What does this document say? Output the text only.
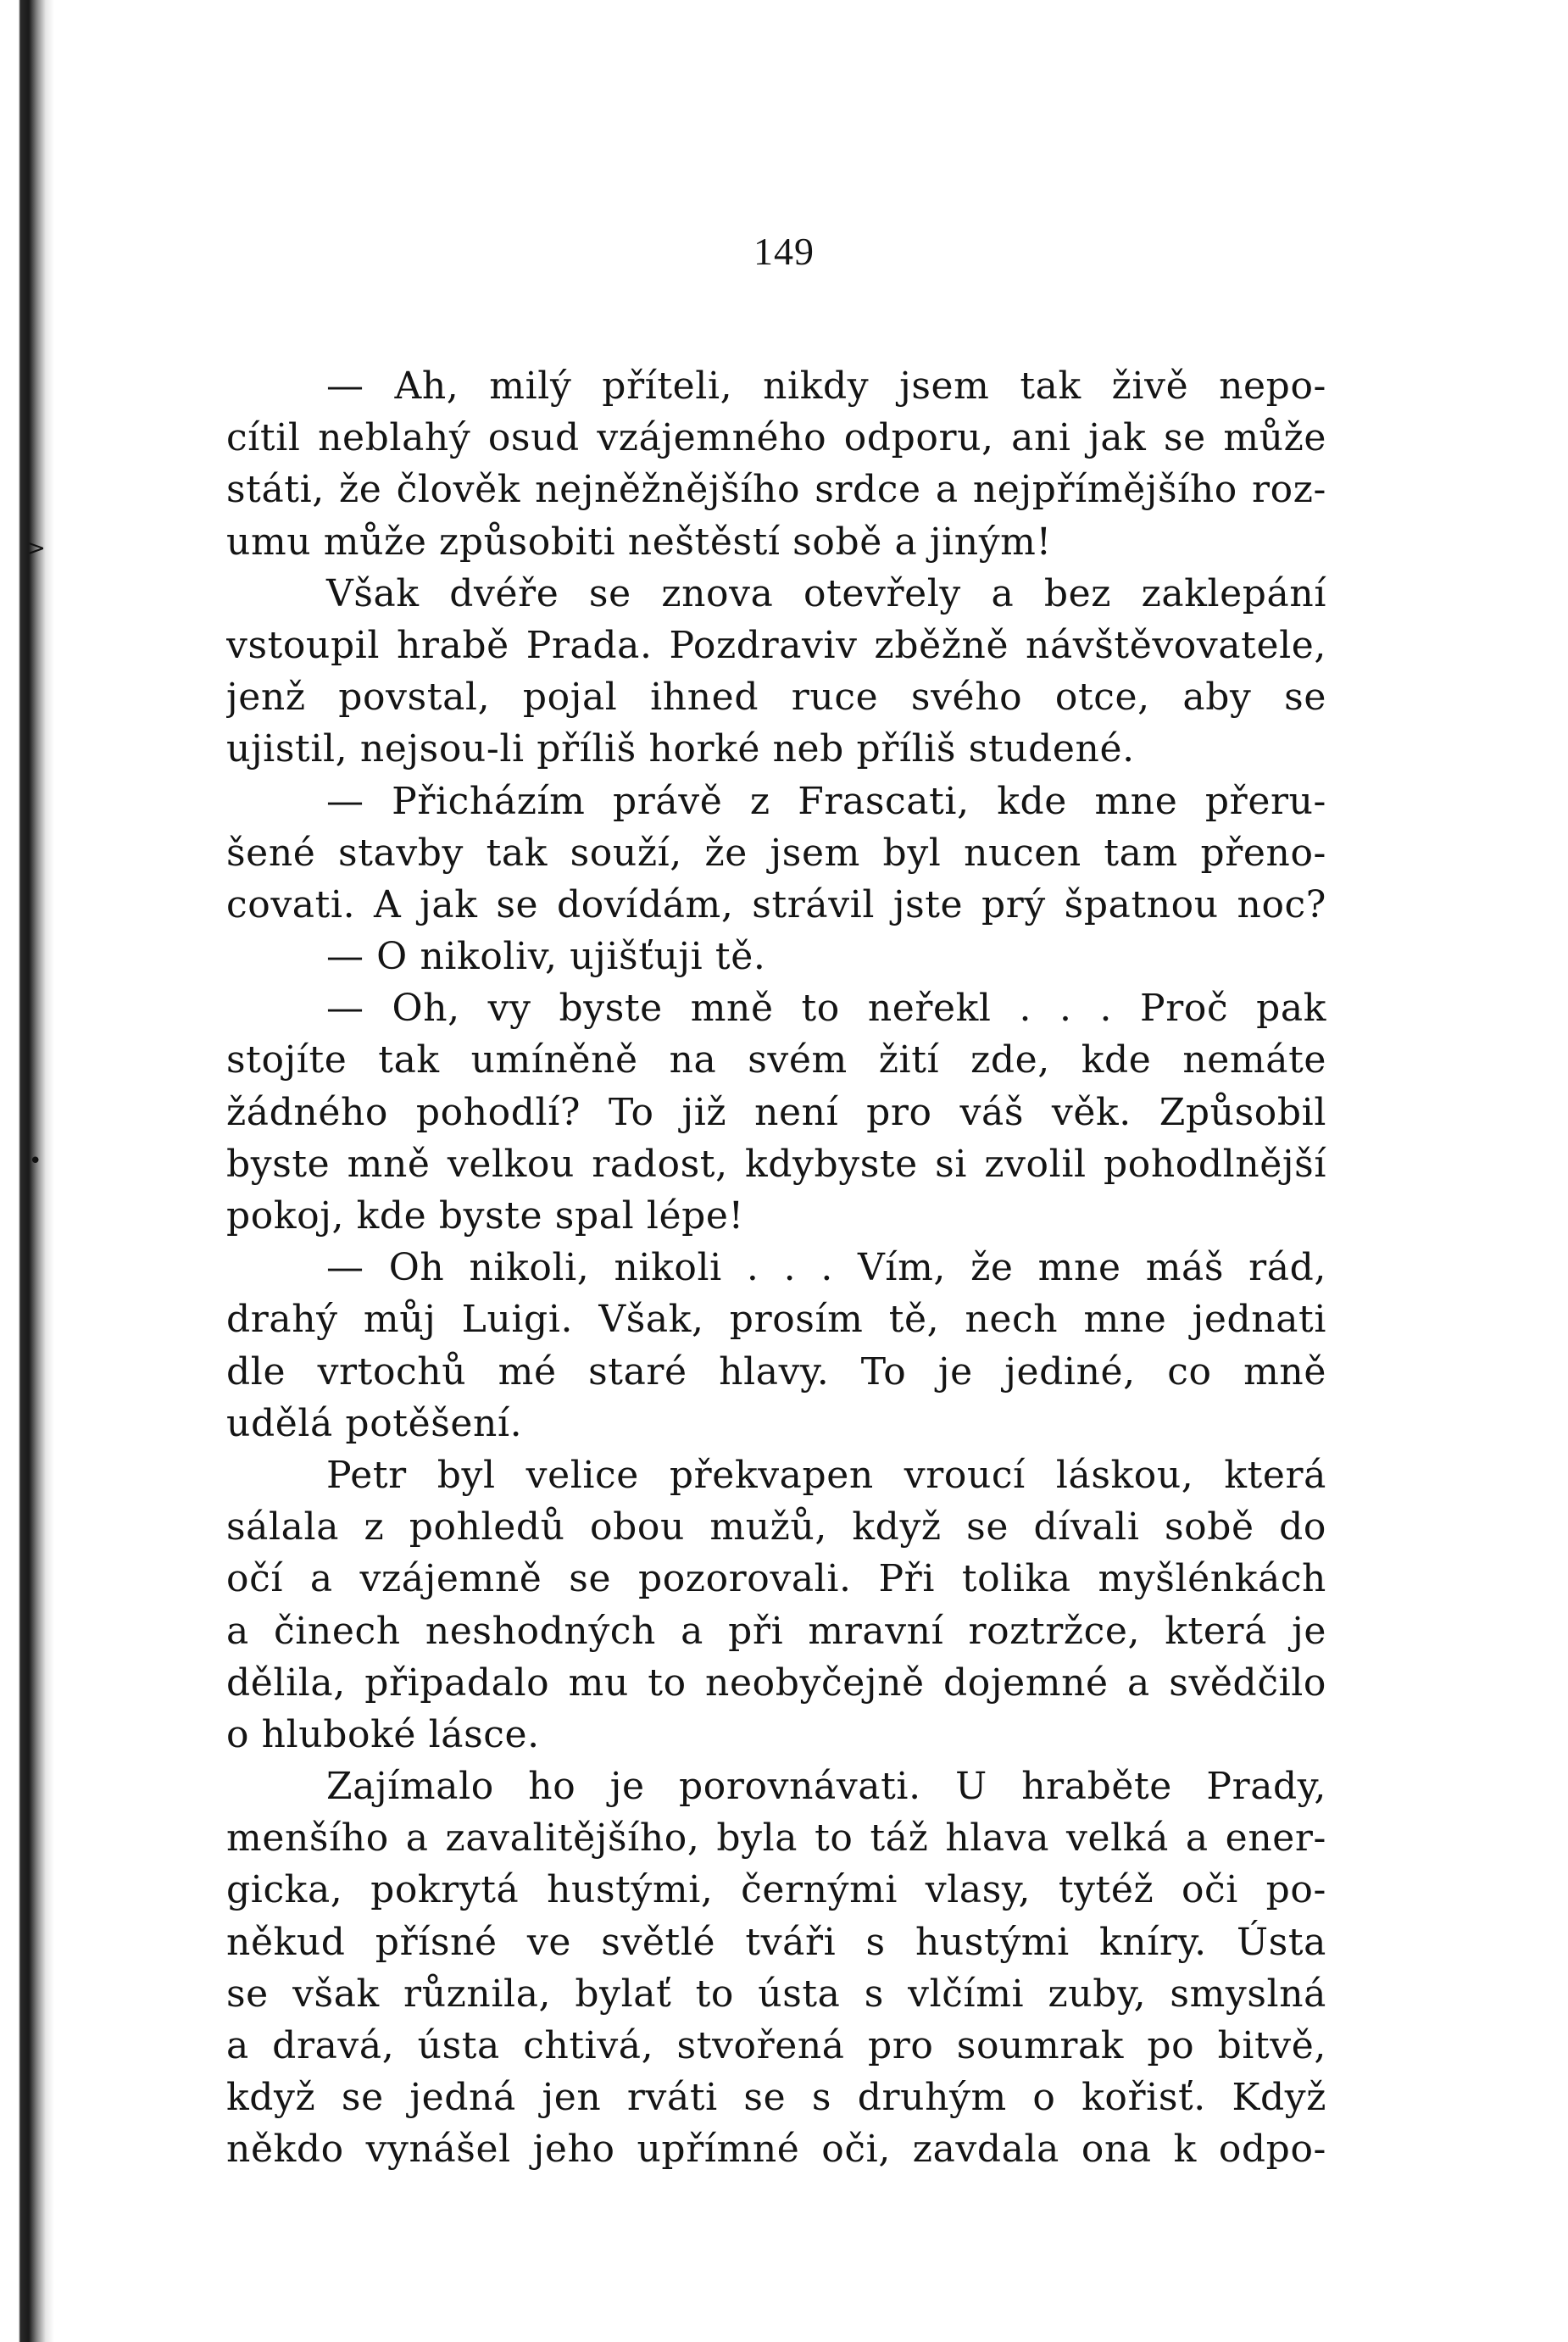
>
•
149
— Ah, milý příteli, nikdy jsem tak živě nepo-
cítil neblahý osud vzájemného odporu, ani jak se může
státi, že člověk nejněžnějšího srdce a nejpřímějšího roz-
umu může způsobiti neštěstí sobě a jiným!
Však dvéře se znova otevřely a bez zaklepání
vstoupil hrabě Prada. Pozdraviv zběžně návštěvovatele,
jenž povstal, pojal ihned ruce svého otce, aby se
ujistil, nejsou-li příliš horké neb příliš studené.
— Přicházím právě z Frascati, kde mne přeru-
šené stavby tak souží, že jsem byl nucen tam přeno-
covati. A jak se dovídám, strávil jste prý špatnou noc?
— O nikoliv, ujišťuji tě.
— Oh, vy byste mně to neřekl . . . Proč pak
stojíte tak umíněně na svém žití zde, kde nemáte
žádného pohodlí? To již není pro váš věk. Způsobil
byste mně velkou radost, kdybyste si zvolil pohodlnější
pokoj, kde byste spal lépe!
— Oh nikoli, nikoli . . . Vím, že mne máš rád,
drahý můj Luigi. Však, prosím tě, nech mne jednati
dle vrtochů mé staré hlavy. To je jediné, co mně
udělá potěšení.
Petr byl velice překvapen vroucí láskou, která
sálala z pohledů obou mužů, když se dívali sobě do
očí a vzájemně se pozorovali. Při tolika myšlénkách
a činech neshodných a při mravní roztržce, která je
dělila, připadalo mu to neobyčejně dojemné a svědčilo
o hluboké lásce.
Zajímalo ho je porovnávati. U hraběte Prady,
menšího a zavalitějšího, byla to táž hlava velká a ener-
gicka, pokrytá hustými, černými vlasy, tytéž oči po-
někud přísné ve světlé tváři s hustými kníry. Ústa
se však různila, bylať to ústa s vlčími zuby, smyslná
a dravá, ústa chtivá, stvořená pro soumrak po bitvě,
když se jedná jen rváti se s druhým o kořisť. Když
někdo vynášel jeho upřímné oči, zavdala ona k odpo-
